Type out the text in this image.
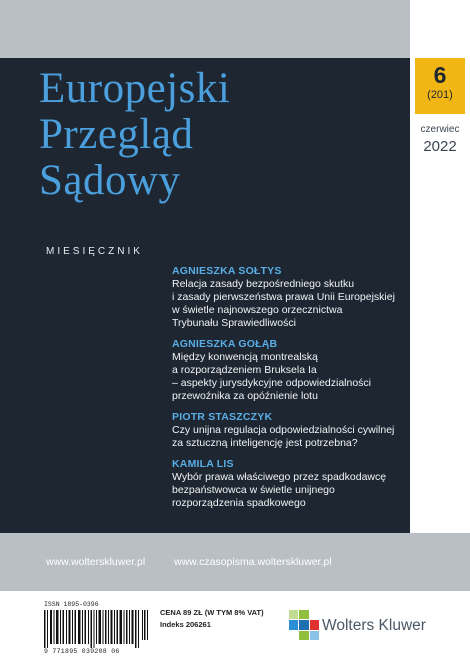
6
(201)
czerwiec
2022
Europejski
Przegląd
Sądowy
MIESIĘCZNIK
AGNIESZKA SOŁTYS
Relacja zasady bezpośredniego skutku
i zasady pierwszeństwa prawa Unii Europejskiej
w świetle najnowszego orzecznictwa
Trybunału Sprawiedliwości
AGNIESZKA GOŁĄB
Między konwencją montrealską
a rozporządzeniem Bruksela Ia
– aspekty jurysdykcyjne odpowiedzialności
przewoźnika za opóźnienie lotu
PIOTR STASZCZYK
Czy unijna regulacja odpowiedzialności cywilnej
za sztuczną inteligencję jest potrzebna?
KAMILA LIS
Wybór prawa właściwego przez spadkodawcę
bezpaństwowca w świetle unijnego
rozporządzenia spadkowego
www.wolterskluwer.pl	www.czasopisma.wolterskluwer.pl
ISSN 1895-0396
9 771895 039208 06
CENA 89 ZŁ (W TYM 8% VAT)
Indeks 206261	Wolters Kluwer
